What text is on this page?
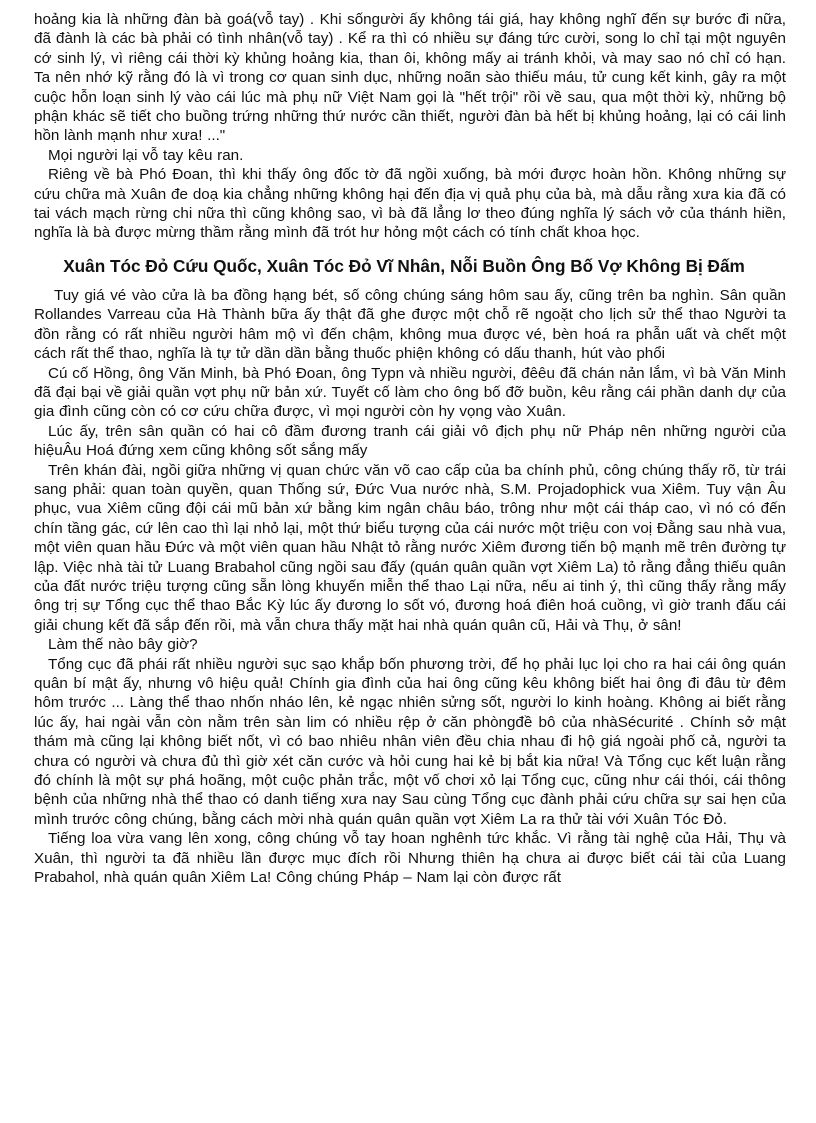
hoảng kia là những đàn bà goá(vỗ tay) . Khi sốngười ấy không tái giá, hay không nghĩ đến sự bước đi nữa, đã đành là các bà phải có tình nhân(vỗ tay) . Kể ra thì có nhiều sự đáng tức cười, song lo chỉ tại một nguyên cớ sinh lý, vì riêng cái thời kỳ khủng hoảng kia, than ôi, không mấy ai tránh khỏi, và may sao nó chỉ có hạn. Ta nên nhớ kỹ rằng đó là vì trong cơ quan sinh dục, những noãn sào thiếu máu, tử cung kết kinh, gây ra một cuộc hỗn loạn sinh lý vào cái lúc mà phụ nữ Việt Nam gọi là "hết trội" rồi về sau, qua một thời kỳ, những bộ phận khác sẽ tiết cho buồng trứng những thứ nước cần thiết, người đàn bà hết bị khủng hoảng, lại có cái linh hồn lành mạnh như xưa! ..."

Mọi người lại vỗ tay kêu ran.

Riêng về bà Phó Đoan, thì khi thấy ông đốc tờ đã ngồi xuống, bà mới được hoàn hồn. Không những sự cứu chữa mà Xuân đe doạ kia chẳng những không hại đến địa vị quả phụ của bà, mà dẫu rằng xưa kia đã có tai vách mạch rừng chi nữa thì cũng không sao, vì bà đã lẳng lơ theo đúng nghĩa lý sách vở của thánh hiền, nghĩa là bà được mừng thầm rằng mình đã trót hư hỏng một cách có tính chất khoa học.

Xuân Tóc Đỏ Cứu Quốc, Xuân Tóc Đỏ Vĩ Nhân, Nỗi Buồn Ông Bố Vợ Không Bị Đấm

Tuy giá vé vào cửa là ba đồng hạng bét, số công chúng sáng hôm sau ấy, cũng trên ba nghìn. Sân quần Rollandes Varreau của Hà Thành bữa ấy thật đã ghe được một chỗ rẽ ngoặt cho lịch sử thể thao Người ta đồn rằng có rất nhiều người hâm mộ vì đến chậm, không mua được vé, bèn hoá ra phẫn uất và chết một cách rất thể thao, nghĩa là tự tử dần dần bằng thuốc phiện không có dấu thanh, hút vào phổi

Cú cố Hồng, ông Văn Minh, bà Phó Đoan, ông Typn và nhiều người, đêêu đã chán nản lắm, vì bà Văn Minh đã đại bại về giải quần vợt phụ nữ bản xứ. Tuyết cố làm cho ông bố đỡ buồn, kêu rằng cái phần danh dự của gia đình cũng còn có cơ cứu chữa được, vì mọi người còn hy vọng vào Xuân.

Lúc ấy, trên sân quần có hai cô đầm đương tranh cái giải vô địch phụ nữ Pháp nên những người của hiệuÂu Hoá đứng xem cũng không sốt sắng mấy

Trên khán đài, ngồi giữa những vị quan chức văn võ cao cấp của ba chính phủ, công chúng thấy rõ, từ trái sang phải: quan toàn quyền, quan Thống sứ, Đức Vua nước nhà, S.M. Projadophick vua Xiêm. Tuy vận Âu phục, vua Xiêm cũng đội cái mũ bản xứ bằng kim ngân châu báo, trông như một cái tháp cao, vì nó có đến chín tầng gác, cứ lên cao thì lại nhỏ lại, một thứ biểu tượng của cái nước một triệu con voị Đằng sau nhà vua, một viên quan hầu Đức và một viên quan hầu Nhật tỏ rằng nước Xiêm đương tiến bộ mạnh mẽ trên đường tự lập. Việc nhà tài tử Luang Brabahol cũng ngồi sau đấy (quán quân quần vợt Xiêm La) tỏ rằng đẳng thiếu quân của đất nước triệu tượng cũng sẵn lòng khuyến miễn thể thao Lại nữa, nếu ai tinh ý, thì cũng thấy rằng mấy ông trị sự Tổng cục thể thao Bắc Kỳ lúc ấy đương lo sốt vó, đương hoá điên hoá cuồng, vì giờ tranh đấu cái giải chung kết đã sắp đến rồi, mà vẫn chưa thấy mặt hai nhà quán quân cũ, Hải và Thụ, ở sân!

Làm thế nào bây giờ?

Tổng cục đã phái rất nhiều người sục sạo khắp bốn phương trời, để họ phải lục lọi cho ra hai cái ông quán quân bí mật ấy, nhưng vô hiệu quả! Chính gia đình của hai ông cũng kêu không biết hai ông đi đâu từ đêm hôm trước ... Làng thể thao nhốn nháo lên, kẻ ngạc nhiên sửng sốt, người lo kinh hoàng. Không ai biết rằng lúc ấy, hai ngài vẫn còn nằm trên sàn lim có nhiều rệp ở căn phòngđề bô của nhàSécurité . Chính sở mật thám mà cũng lại không biết nốt, vì có bao nhiêu nhân viên đều chia nhau đi hộ giá ngoài phố cả, người ta chưa có người và chưa đủ thì giờ xét căn cước và hỏi cung hai kẻ bị bắt kia nữa! Và Tổng cục kết luận rằng đó chính là một sự phá hoãng, một cuộc phản trắc, một vố chơi xỏ lại Tổng cục, cũng như cái thói, cái thông bệnh của những nhà thể thao có danh tiếng xưa nay Sau cùng Tổng cục đành phải cứu chữa sự sai hẹn của mình trước công chúng, bằng cách mời nhà quán quân quần vợt Xiêm La ra thử tài với Xuân Tóc Đỏ.

Tiếng loa vừa vang lên xong, công chúng vỗ tay hoan nghênh tức khắc. Vì rằng tài nghệ của Hải, Thụ và Xuân, thì người ta đã nhiều lần được mục đích rồi Nhưng thiên hạ chưa ai được biết cái tài của Luang Prabahol, nhà quán quân Xiêm La! Công chúng Pháp – Nam lại còn được rất
